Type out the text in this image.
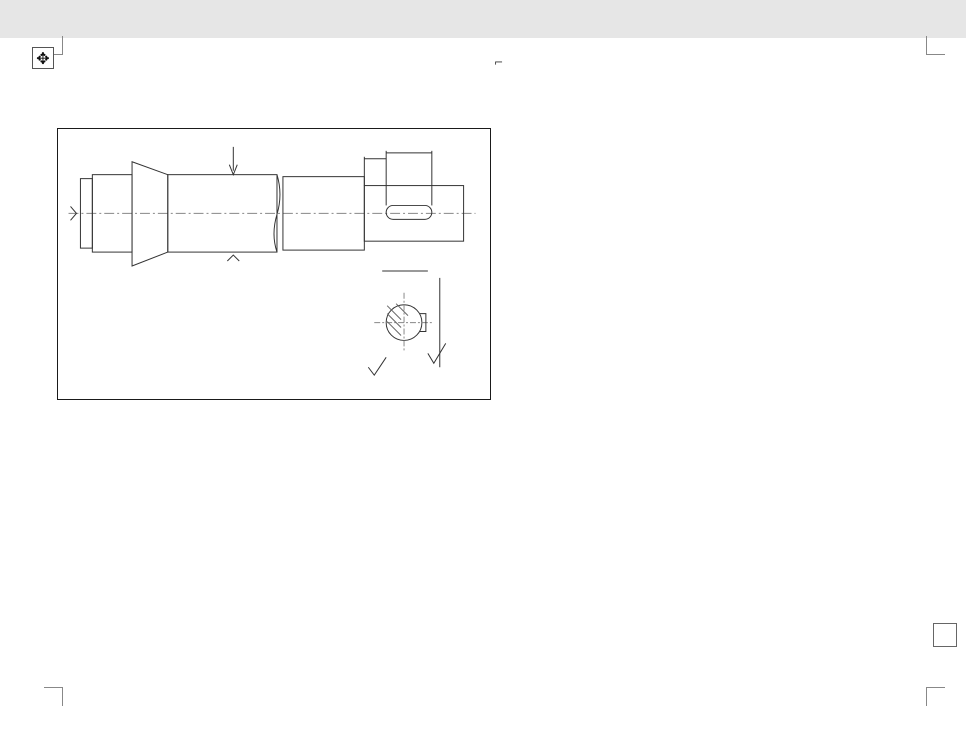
✥	⌐
